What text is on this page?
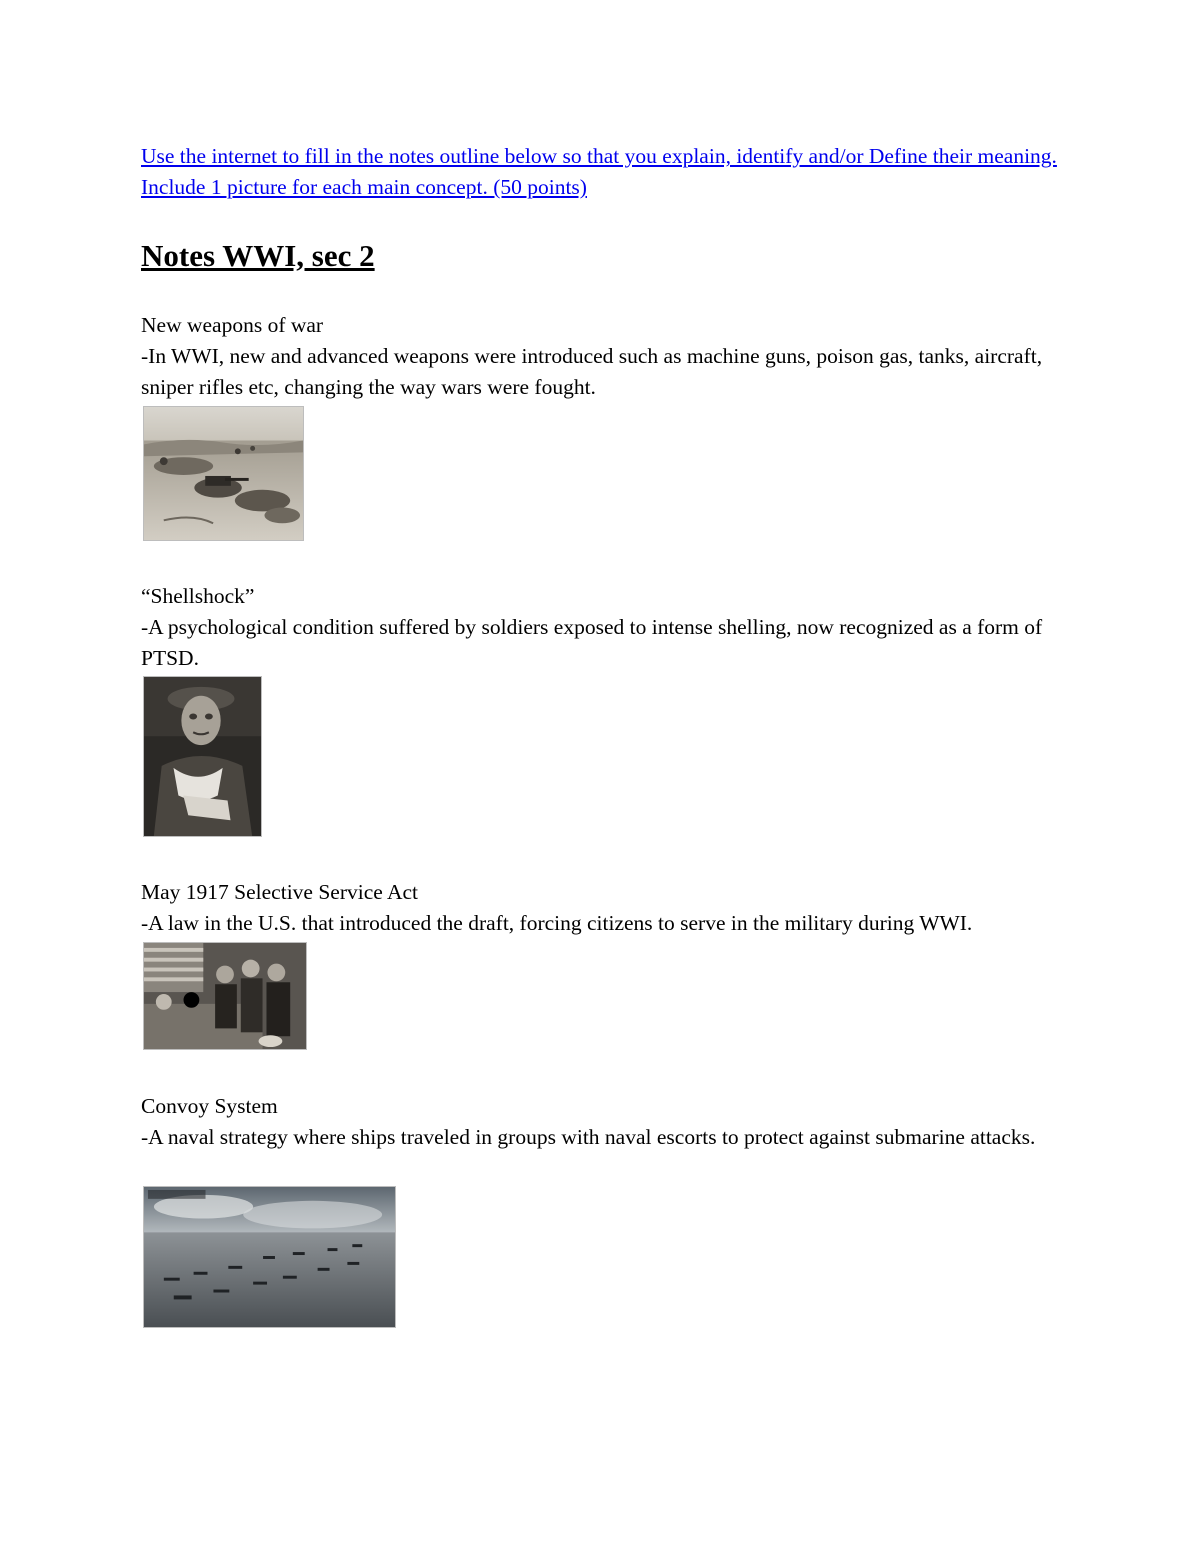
Use the internet to fill in the notes outline below so that you explain, identify and/or Define their meaning. Include 1 picture for each main concept. (50 points)
Notes WWI, sec 2
New weapons of war
-In WWI, new and advanced weapons were introduced such as machine guns, poison gas, tanks, aircraft, sniper rifles etc, changing the way wars were fought.
“Shellshock”
-A psychological condition suffered by soldiers exposed to intense shelling, now recognized as a form of PTSD.
May 1917 Selective Service Act
-A law in the U.S. that introduced the draft, forcing citizens to serve in the military during WWI.
Convoy System
-A naval strategy where ships traveled in groups with naval escorts to protect against submarine attacks.
